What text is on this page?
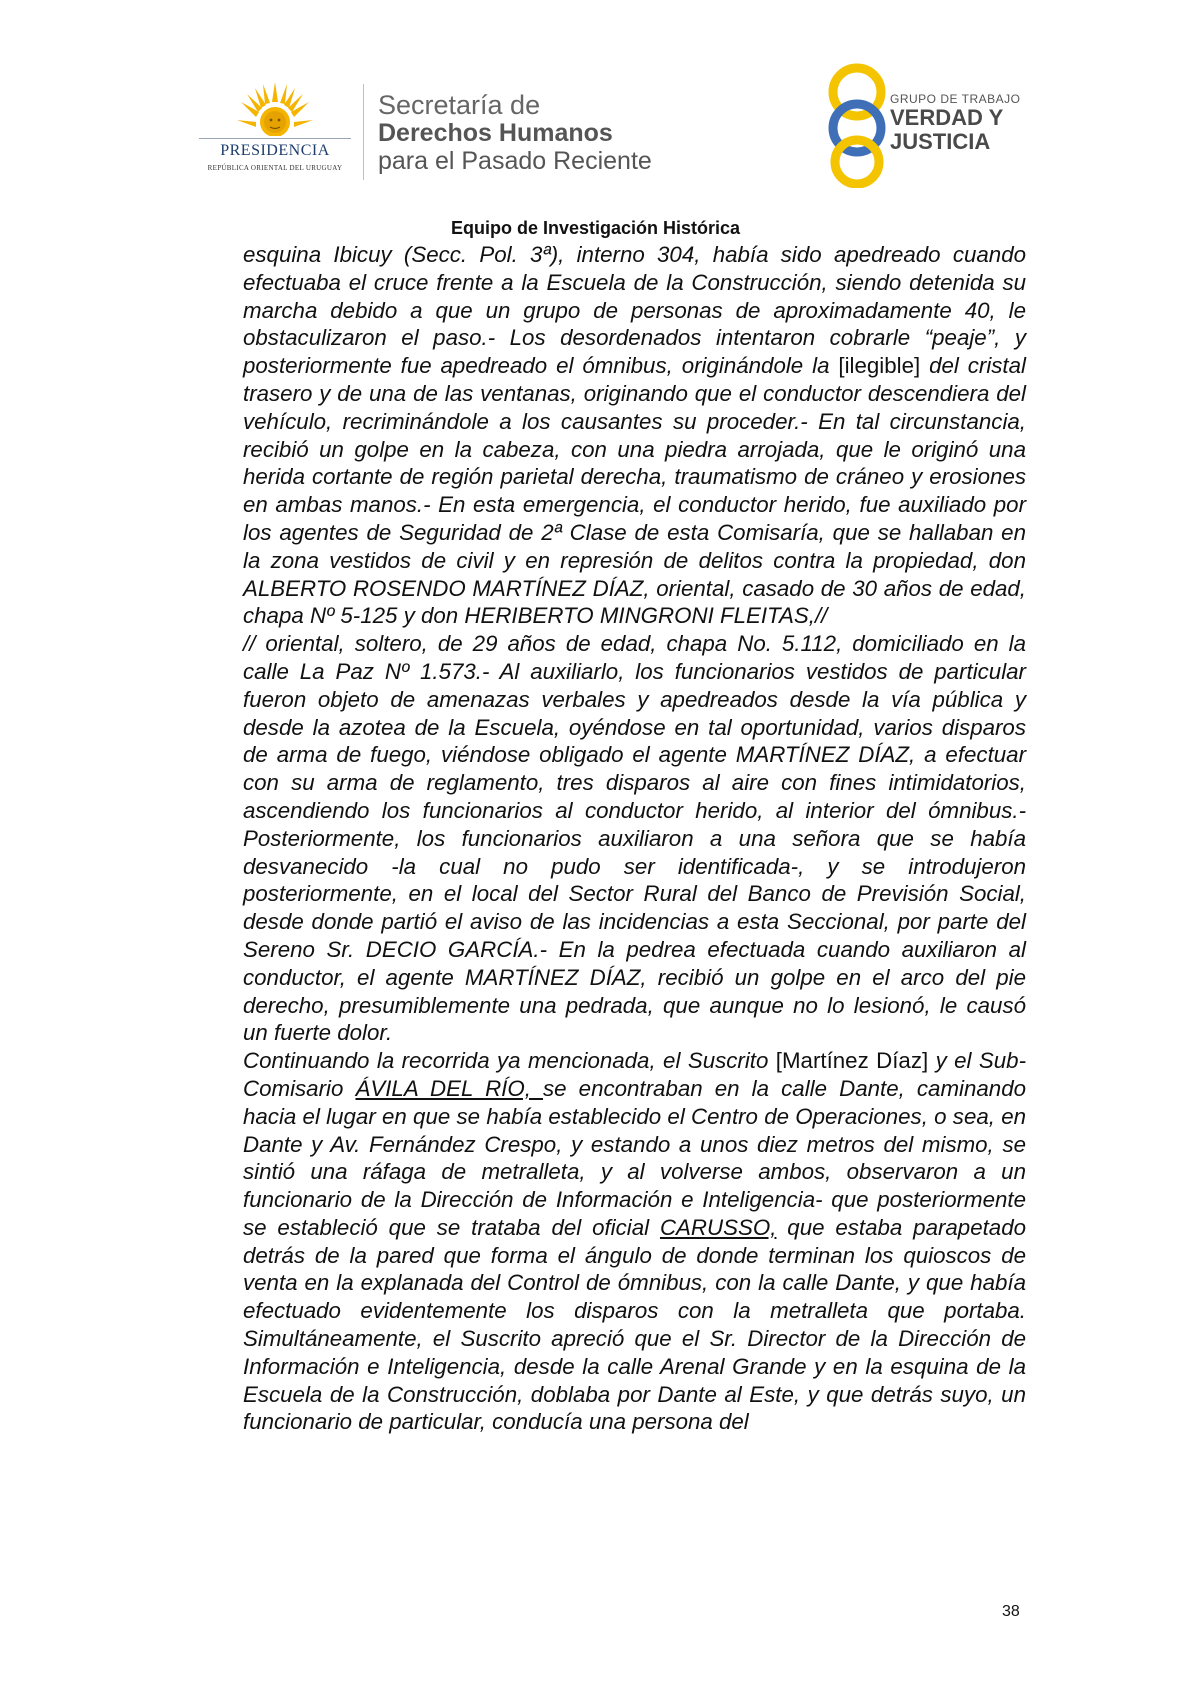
PRESIDENCIA
REPÚBLICA ORIENTAL DEL URUGUAY
Secretaría de
Derechos Humanos
para el Pasado Reciente
GRUPO DE TRABAJO
VERDAD Y
JUSTICIA
Equipo de Investigación Histórica

esquina Ibicuy (Secc. Pol. 3ª), interno 304, había sido apedreado cuando efectuaba el cruce frente a la Escuela de la Construcción, siendo detenida su marcha debido a que un grupo de personas de aproximadamente 40, le obstaculizaron el paso.- Los desordenados intentaron cobrarle “peaje”, y posteriormente fue apedreado el ómnibus, originándole la [ilegible] del cristal trasero y de una de las ventanas, originando que el conductor descendiera del vehículo, recriminándole a los causantes su proceder.- En tal circunstancia, recibió un golpe en la cabeza, con una piedra arrojada, que le originó una herida cortante de región parietal derecha, traumatismo de cráneo y erosiones en ambas manos.- En esta emergencia, el conductor herido, fue auxiliado por los agentes de Seguridad de 2ª Clase de esta Comisaría, que se hallaban en la zona vestidos de civil y en represión de delitos contra la propiedad, don ALBERTO ROSENDO MARTÍNEZ DÍAZ, oriental, casado de 30 años de edad, chapa Nº 5-125 y don HERIBERTO MINGRONI FLEITAS,//

// oriental, soltero, de 29 años de edad, chapa No. 5.112, domiciliado en la calle La Paz Nº 1.573.- Al auxiliarlo, los funcionarios vestidos de particular fueron objeto de amenazas verbales y apedreados desde la vía pública y desde la azotea de la Escuela, oyéndose en tal oportunidad, varios disparos de arma de fuego, viéndose obligado el agente MARTÍNEZ DÍAZ, a efectuar con su arma de reglamento, tres disparos al aire con fines intimidatorios, ascendiendo los funcionarios al conductor herido, al interior del ómnibus.- Posteriormente, los funcionarios auxiliaron a una señora que se había desvanecido -la cual no pudo ser identificada-, y se introdujeron posteriormente, en el local del Sector Rural del Banco de Previsión Social, desde donde partió el aviso de las incidencias a esta Seccional, por parte del Sereno Sr. DECIO GARCÍA.- En la pedrea efectuada cuando auxiliaron al conductor, el agente MARTÍNEZ DÍAZ, recibió un golpe en el arco del pie derecho, presumiblemente una pedrada, que aunque no lo lesionó, le causó un fuerte dolor.

Continuando la recorrida ya mencionada, el Suscrito [Martínez Díaz] y el Sub- Comisario ÁVILA DEL RÍO, se encontraban en la calle Dante, caminando hacia el lugar en que se había establecido el Centro de Operaciones, o sea, en Dante y Av. Fernández Crespo, y estando a unos diez metros del mismo, se sintió una ráfaga de metralleta, y al volverse ambos, observaron a un funcionario de la Dirección de Información e Inteligencia- que posteriormente se estableció que se trataba del oficial CARUSSO, que estaba parapetado detrás de la pared que forma el ángulo de donde terminan los quioscos de venta en la explanada del Control de ómnibus, con la calle Dante, y que había efectuado evidentemente los disparos con la metralleta que portaba. Simultáneamente, el Suscrito apreció que el Sr. Director de la Dirección de Información e Inteligencia, desde la calle Arenal Grande y en la esquina de la Escuela de la Construcción, doblaba por Dante al Este, y que detrás suyo, un funcionario de particular, conducía una persona del

38
